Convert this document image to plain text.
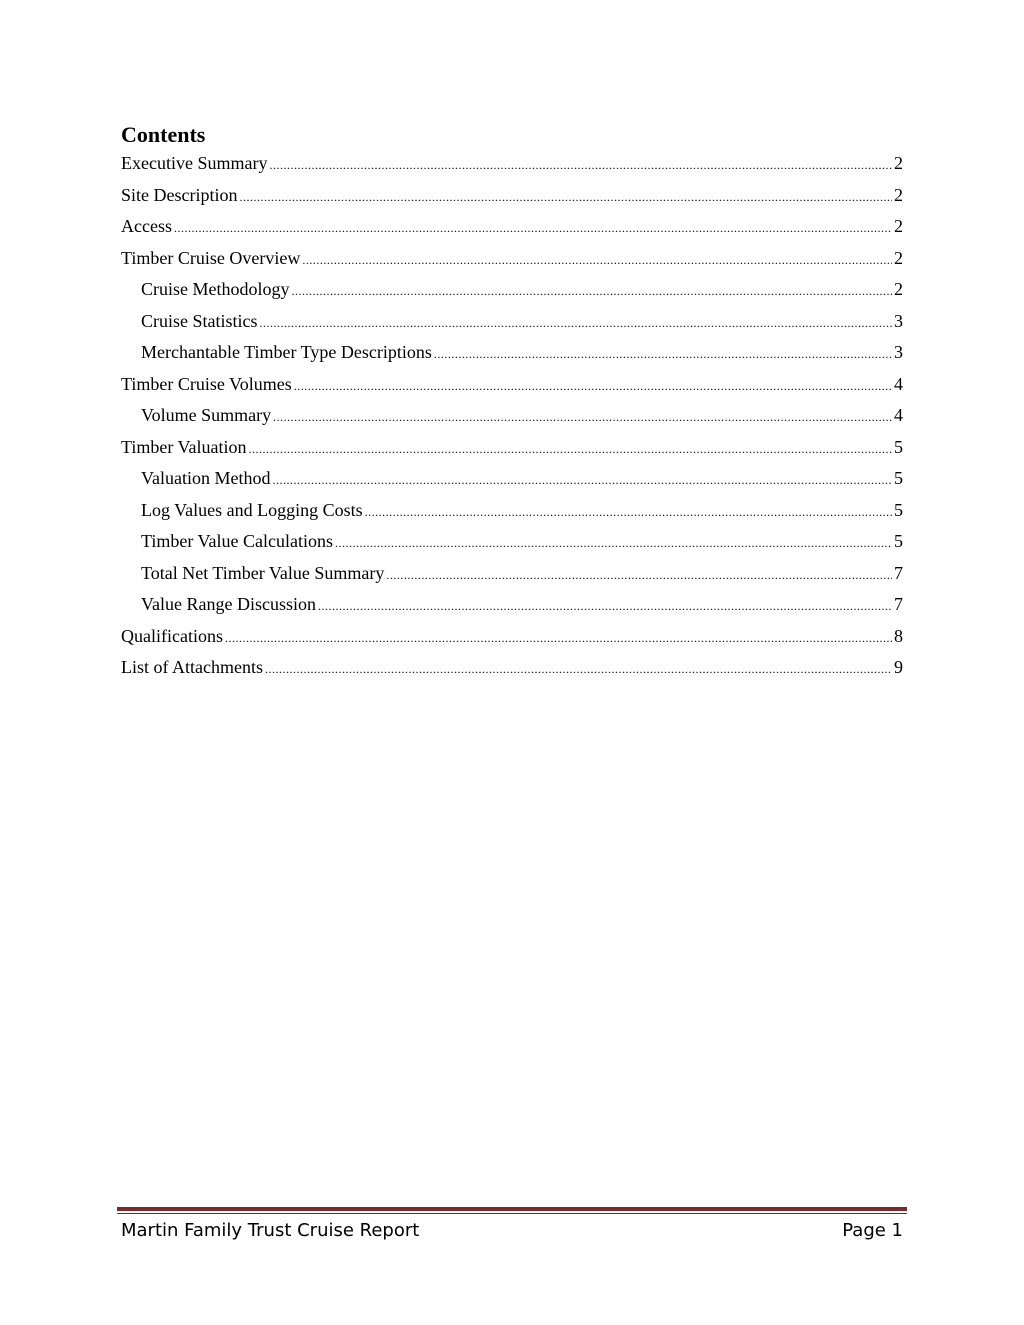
Contents
Executive Summary .....	2
Site Description .....	2
Access .....	2
Timber Cruise Overview .....	2
Cruise Methodology .....	2
Cruise Statistics .....	3
Merchantable Timber Type Descriptions .....	3
Timber Cruise Volumes .....	4
Volume Summary .....	4
Timber Valuation .....	5
Valuation Method .....	5
Log Values and Logging Costs .....	5
Timber Value Calculations .....	5
Total Net Timber Value Summary .....	7
Value Range Discussion .....	7
Qualifications .....	8
List of Attachments .....	9
Martin Family Trust Cruise Report	Page 1
